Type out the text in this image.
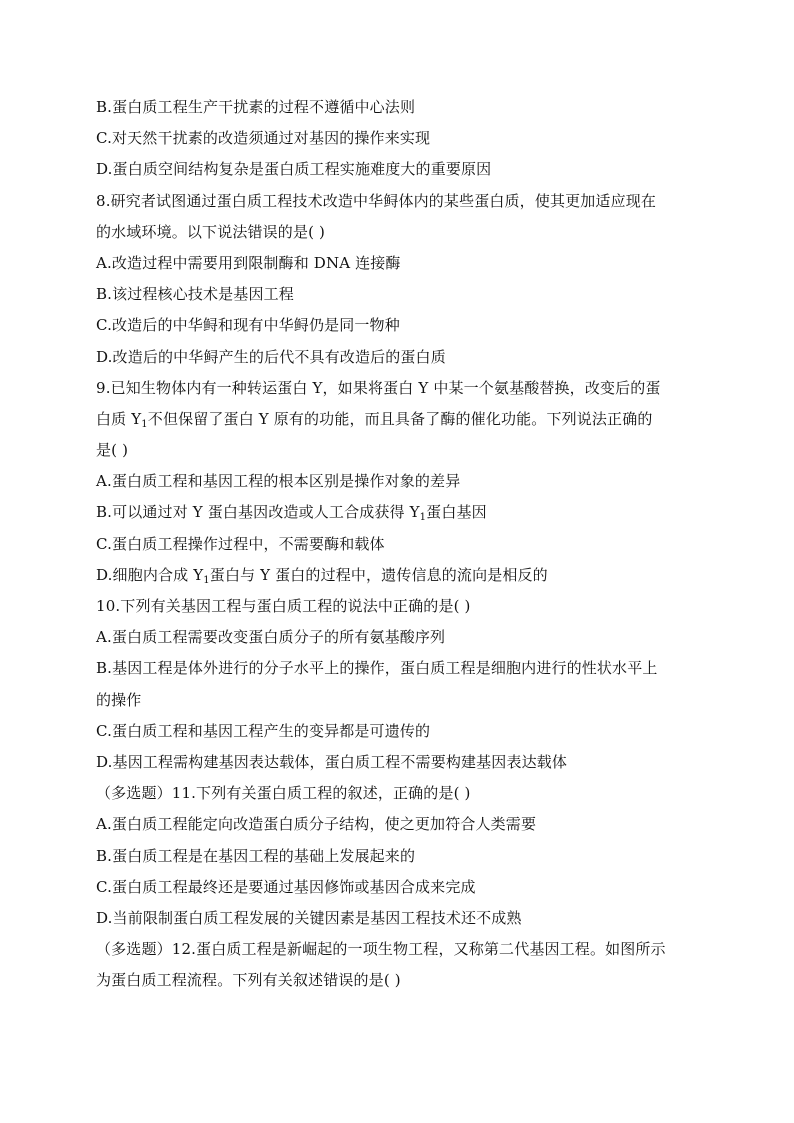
B.蛋白质工程生产干扰素的过程不遵循中心法则
C.对天然干扰素的改造须通过对基因的操作来实现
D.蛋白质空间结构复杂是蛋白质工程实施难度大的重要原因
8.研究者试图通过蛋白质工程技术改造中华鲟体内的某些蛋白质，使其更加适应现在
的水域环境。以下说法错误的是( )
A.改造过程中需要用到限制酶和 DNA 连接酶
B.该过程核心技术是基因工程
C.改造后的中华鲟和现有中华鲟仍是同一物种
D.改造后的中华鲟产生的后代不具有改造后的蛋白质
9.已知生物体内有一种转运蛋白 Y，如果将蛋白 Y 中某一个氨基酸替换，改变后的蛋
白质 $Y_1$不但保留了蛋白 Y 原有的功能，而且具备了酶的催化功能。下列说法正确的
是( )
A.蛋白质工程和基因工程的根本区别是操作对象的差异
B.可以通过对 Y 蛋白基因改造或人工合成获得 $Y_1$蛋白基因
C.蛋白质工程操作过程中，不需要酶和载体
D.细胞内合成 $Y_1$蛋白与 Y 蛋白的过程中，遗传信息的流向是相反的
10.下列有关基因工程与蛋白质工程的说法中正确的是( )
A.蛋白质工程需要改变蛋白质分子的所有氨基酸序列
B.基因工程是体外进行的分子水平上的操作，蛋白质工程是细胞内进行的性状水平上
的操作
C.蛋白质工程和基因工程产生的变异都是可遗传的
D.基因工程需构建基因表达载体，蛋白质工程不需要构建基因表达载体
（多选题）11.下列有关蛋白质工程的叙述，正确的是( )
A.蛋白质工程能定向改造蛋白质分子结构，使之更加符合人类需要
B.蛋白质工程是在基因工程的基础上发展起来的
C.蛋白质工程最终还是要通过基因修饰或基因合成来完成
D.当前限制蛋白质工程发展的关键因素是基因工程技术还不成熟
（多选题）12.蛋白质工程是新崛起的一项生物工程，又称第二代基因工程。如图所示
为蛋白质工程流程。下列有关叙述错误的是( )
